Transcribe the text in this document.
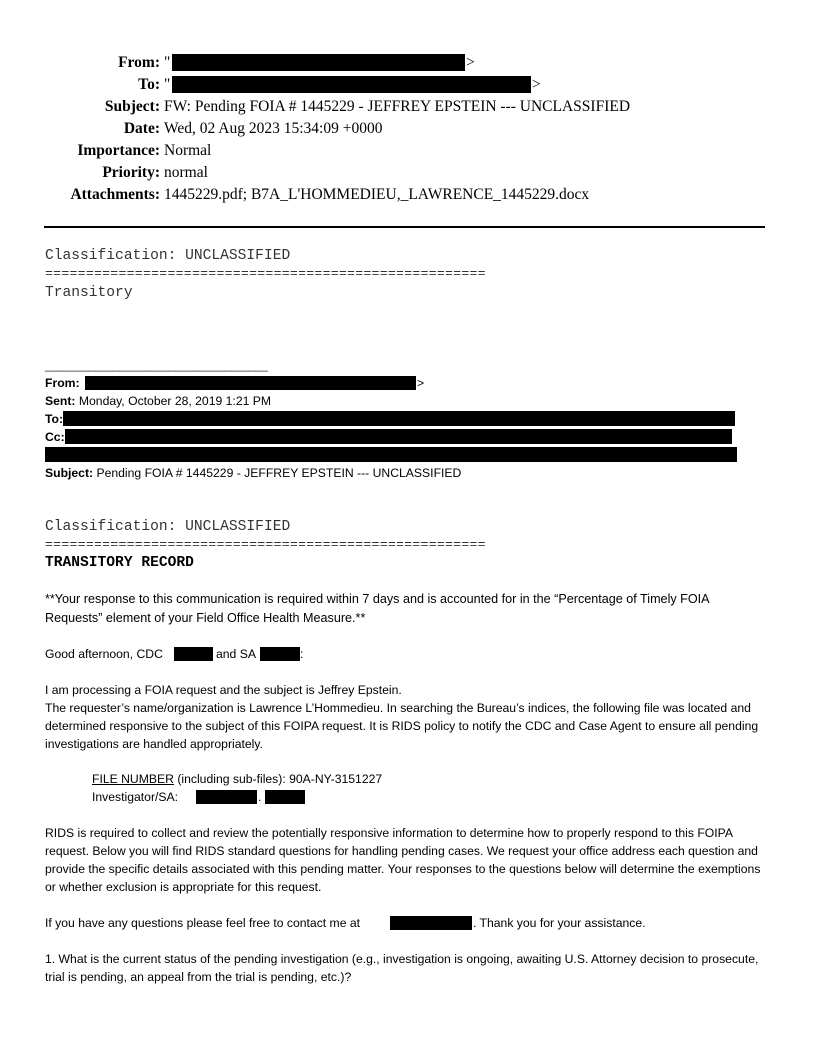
From: "	>
To: "	>
Subject: FW: Pending FOIA # 1445229 - JEFFREY EPSTEIN --- UNCLASSIFIED
Date: Wed, 02 Aug 2023 15:34:09 +0000
Importance: Normal
Priority: normal
Attachments: 1445229.pdf; B7A_L'HOMMEDIEU,_LAWRENCE_1445229.docx
Classification: UNCLASSIFIED
======================================================
Transitory
____________________________________
From:	>
Sent: Monday, October 28, 2019 1:21 PM
To:
Cc:
Subject: Pending FOIA # 1445229 - JEFFREY EPSTEIN --- UNCLASSIFIED
Classification: UNCLASSIFIED
======================================================
TRANSITORY RECORD
**Your response to this communication is required within 7 days and is accounted for in the “Percentage of Timely FOIA Requests” element of your Field Office Health Measure.**
Good afternoon, CDC	and SA	:
I am processing a FOIA request and the subject is Jeffrey Epstein.
The requester’s name/organization is Lawrence L’Hommedieu. In searching the Bureau’s indices, the following file was located and determined responsive to the subject of this FOIPA request. It is RIDS policy to notify the CDC and Case Agent to ensure all pending investigations are handled appropriately.
FILE NUMBER (including sub-files): 90A-NY-3151227
Investigator/SA:	.
RIDS is required to collect and review the potentially responsive information to determine how to properly respond to this FOIPA request. Below you will find RIDS standard questions for handling pending cases. We request your office address each question and provide the specific details associated with this pending matter. Your responses to the questions below will determine the exemptions or whether exclusion is appropriate for this request.
If you have any questions please feel free to contact me at	. Thank you for your assistance.
1. What is the current status of the pending investigation (e.g., investigation is ongoing, awaiting U.S. Attorney decision to prosecute, trial is pending, an appeal from the trial is pending, etc.)?
